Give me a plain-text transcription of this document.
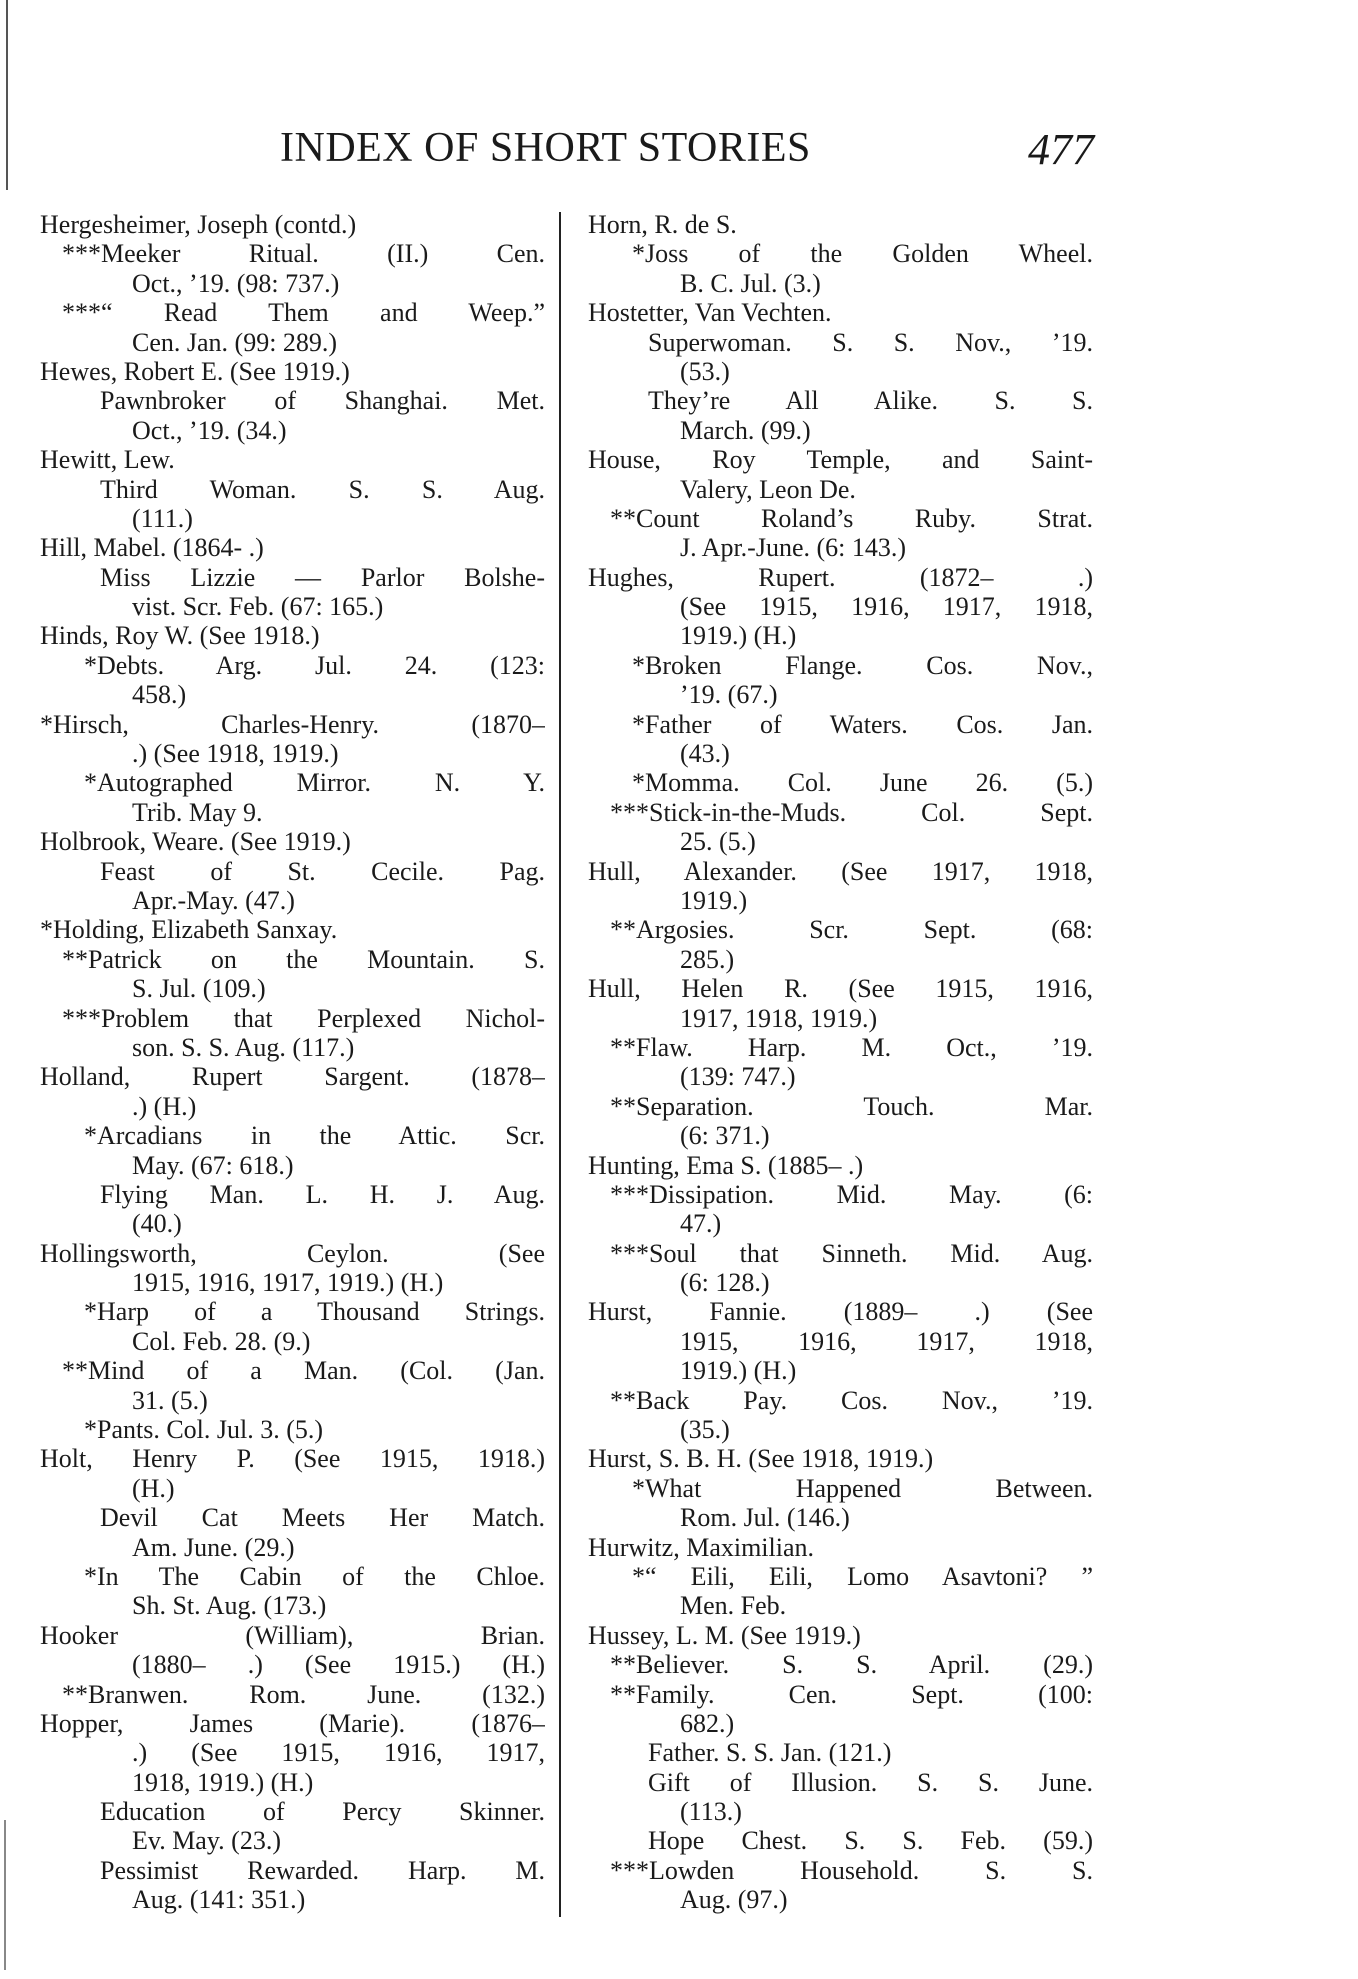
INDEX OF SHORT STORIES	477
Hergesheimer, Joseph (contd.)
***Meeker Ritual. (II.) Cen.
Oct., ’19. (98: 737.)
***“ Read Them and Weep.”
Cen. Jan. (99: 289.)
Hewes, Robert E. (See 1919.)
Pawnbroker of Shanghai. Met.
Oct., ’19. (34.)
Hewitt, Lew.
Third Woman. S. S. Aug.
(111.)
Hill, Mabel. (1864- .)
Miss Lizzie — Parlor Bolshe-
vist. Scr. Feb. (67: 165.)
Hinds, Roy W. (See 1918.)
*Debts. Arg. Jul. 24. (123:
458.)
*Hirsch, Charles-Henry. (1870–
.) (See 1918, 1919.)
*Autographed Mirror. N. Y.
Trib. May 9.
Holbrook, Weare. (See 1919.)
Feast of St. Cecile. Pag.
Apr.-May. (47.)
*Holding, Elizabeth Sanxay.
**Patrick on the Mountain. S.
S. Jul. (109.)
***Problem that Perplexed Nichol-
son. S. S. Aug. (117.)
Holland, Rupert Sargent. (1878–
.) (H.)
*Arcadians in the Attic. Scr.
May. (67: 618.)
Flying Man. L. H. J. Aug.
(40.)
Hollingsworth, Ceylon. (See
1915, 1916, 1917, 1919.) (H.)
*Harp of a Thousand Strings.
Col. Feb. 28. (9.)
**Mind of a Man. (Col. (Jan.
31. (5.)
*Pants. Col. Jul. 3. (5.)
Holt, Henry P. (See 1915, 1918.)
(H.)
Devil Cat Meets Her Match.
Am. June. (29.)
*In The Cabin of the Chloe.
Sh. St. Aug. (173.)
Hooker (William), Brian.
(1880– .) (See 1915.) (H.)
**Branwen. Rom. June. (132.)
Hopper, James (Marie). (1876–
.) (See 1915, 1916, 1917,
1918, 1919.) (H.)
Education of Percy Skinner.
Ev. May. (23.)
Pessimist Rewarded. Harp. M.
Aug. (141: 351.)
Horn, R. de S.
*Joss of the Golden Wheel.
B. C. Jul. (3.)
Hostetter, Van Vechten.
Superwoman. S. S. Nov., ’19.
(53.)
They’re All Alike. S. S.
March. (99.)
House, Roy Temple, and Saint-
Valery, Leon De.
**Count Roland’s Ruby. Strat.
J. Apr.-June. (6: 143.)
Hughes, Rupert. (1872– .)
(See 1915, 1916, 1917, 1918,
1919.) (H.)
*Broken Flange. Cos. Nov.,
’19. (67.)
*Father of Waters. Cos. Jan.
(43.)
*Momma. Col. June 26. (5.)
***Stick-in-the-Muds. Col. Sept.
25. (5.)
Hull, Alexander. (See 1917, 1918,
1919.)
**Argosies. Scr. Sept. (68:
285.)
Hull, Helen R. (See 1915, 1916,
1917, 1918, 1919.)
**Flaw. Harp. M. Oct., ’19.
(139: 747.)
**Separation. Touch. Mar.
(6: 371.)
Hunting, Ema S. (1885– .)
***Dissipation. Mid. May. (6:
47.)
***Soul that Sinneth. Mid. Aug.
(6: 128.)
Hurst, Fannie. (1889– .) (See
1915, 1916, 1917, 1918,
1919.) (H.)
**Back Pay. Cos. Nov., ’19.
(35.)
Hurst, S. B. H. (See 1918, 1919.)
*What Happened Between.
Rom. Jul. (146.)
Hurwitz, Maximilian.
*“ Eili, Eili, Lomo Asavtoni? ”
Men. Feb.
Hussey, L. M. (See 1919.)
**Believer. S. S. April. (29.)
**Family. Cen. Sept. (100:
682.)
Father. S. S. Jan. (121.)
Gift of Illusion. S. S. June.
(113.)
Hope Chest. S. S. Feb. (59.)
***Lowden Household. S. S.
Aug. (97.)
